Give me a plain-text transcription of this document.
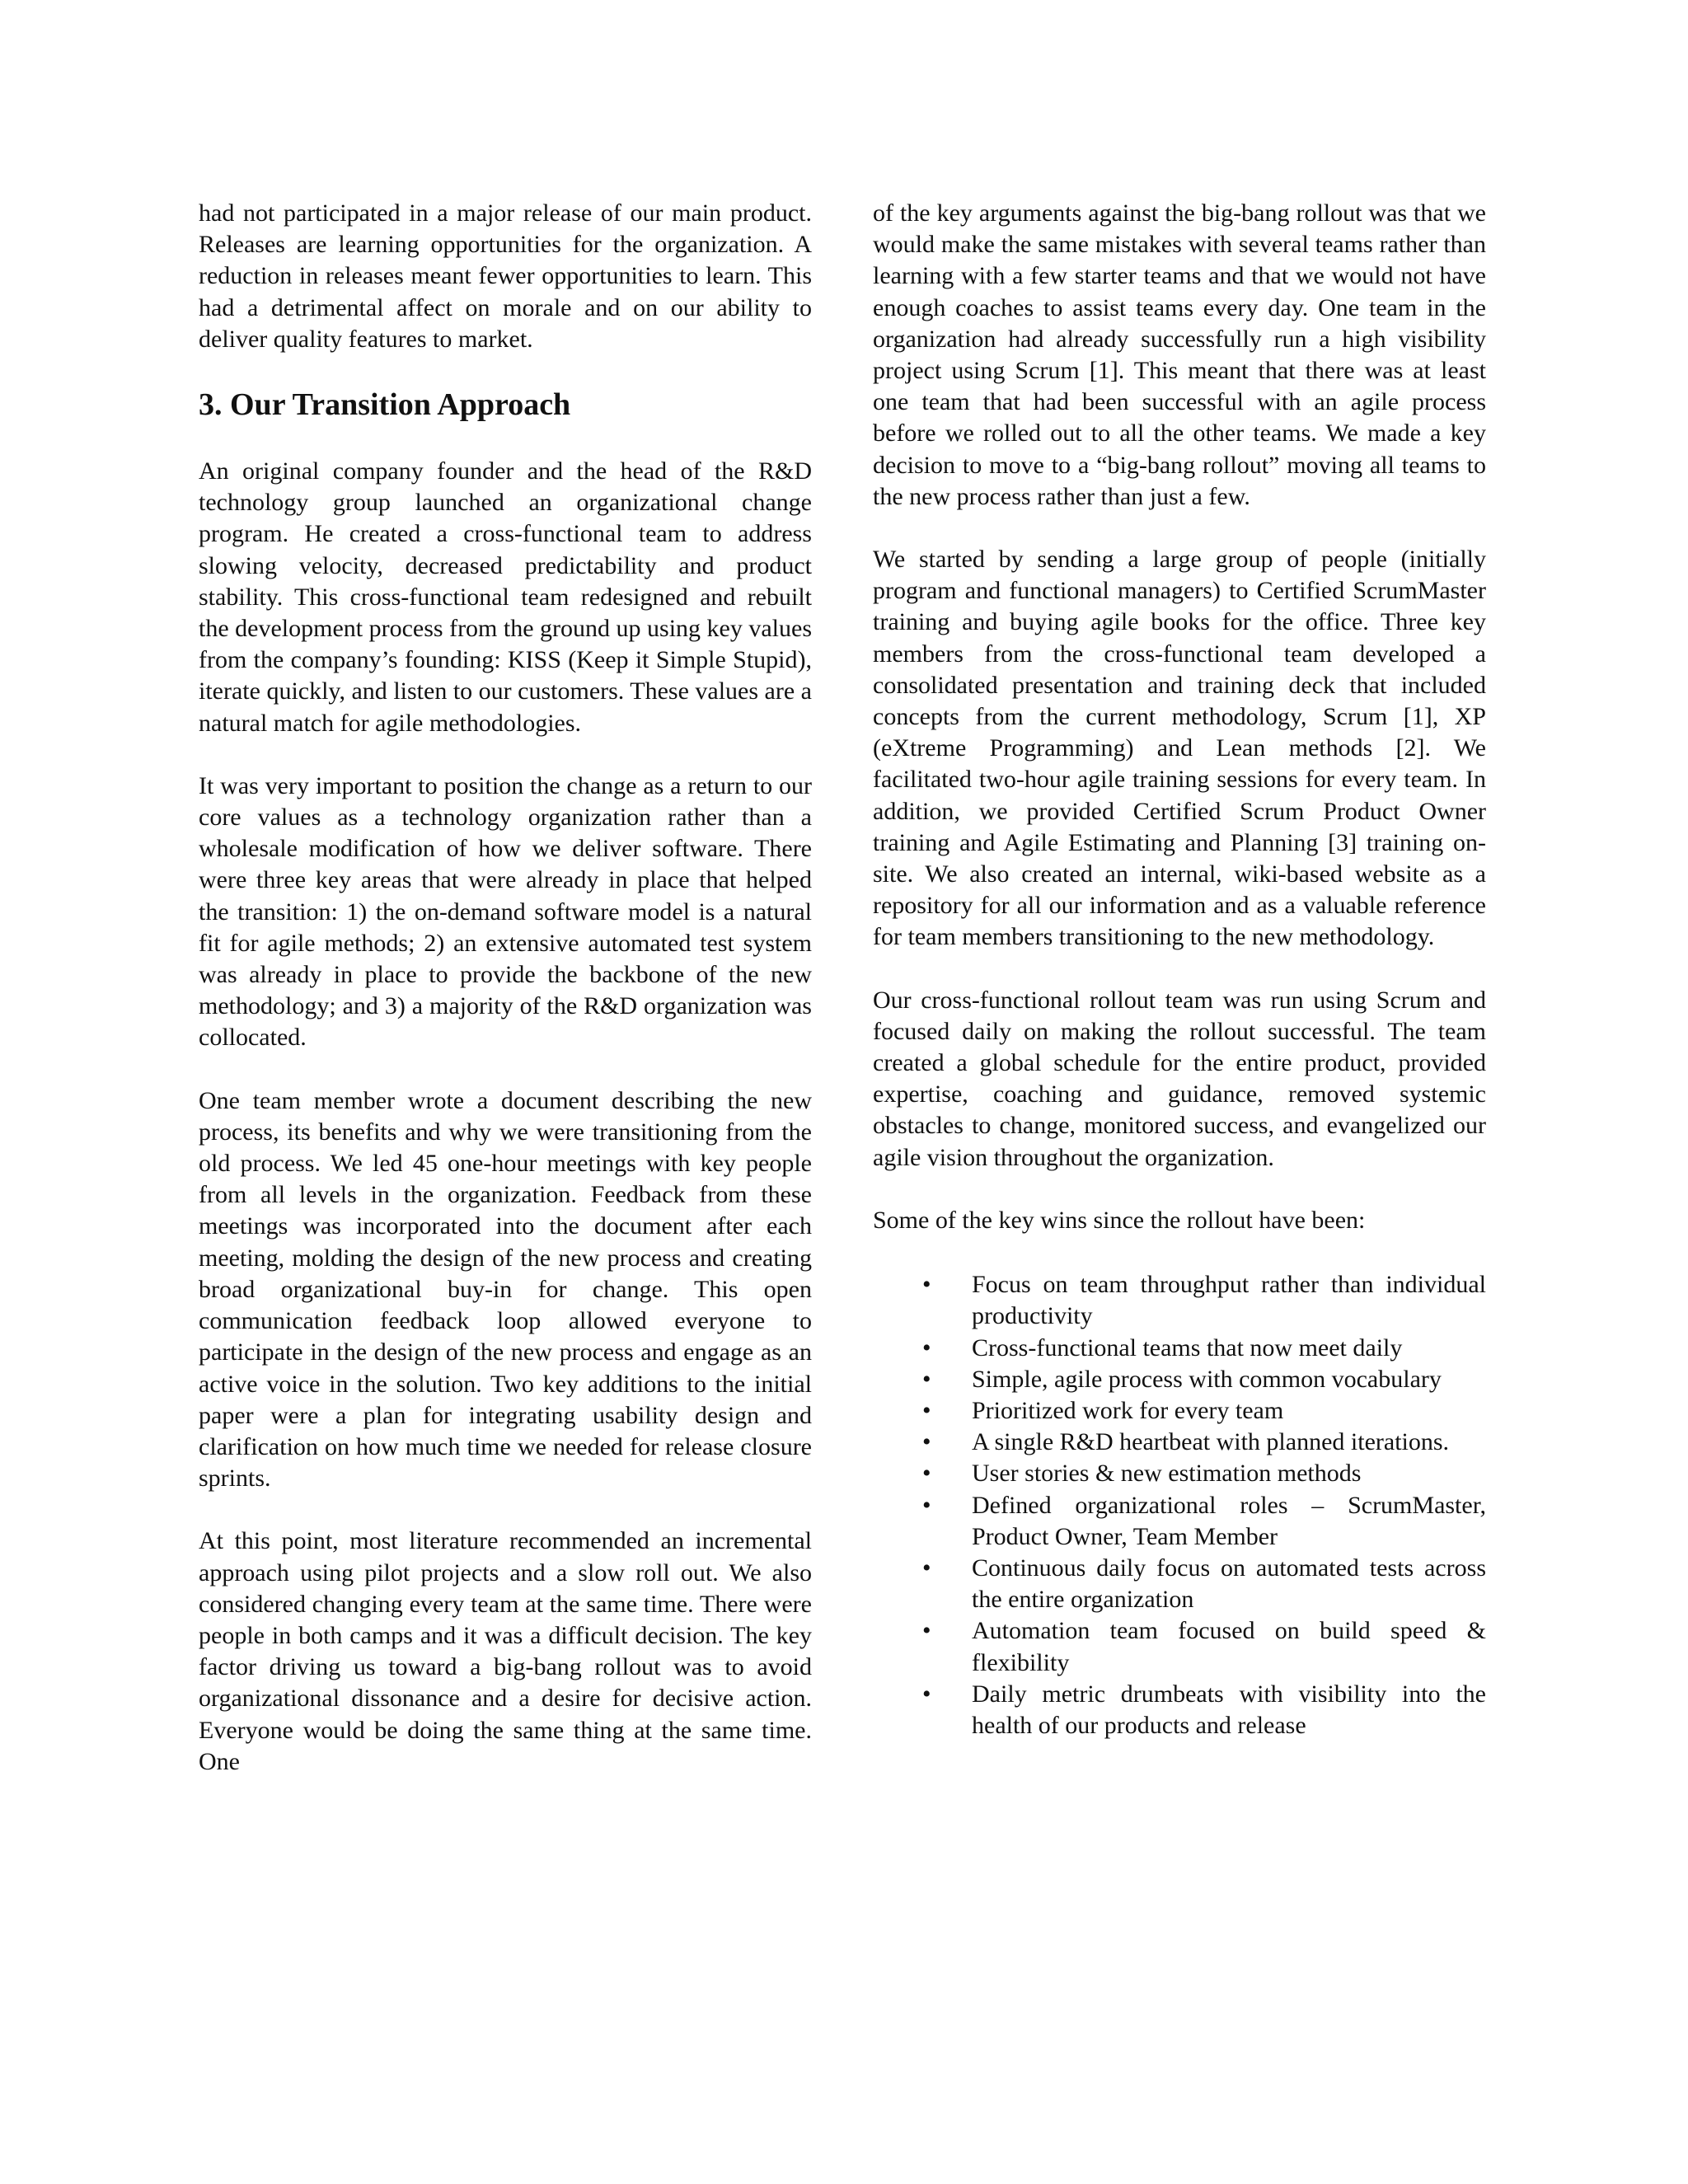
had not participated in a major release of our main product. Releases are learning opportunities for the organization. A reduction in releases meant fewer opportunities to learn. This had a detrimental affect on morale and on our ability to deliver quality features to market.

3. Our Transition Approach

An original company founder and the head of the R&D technology group launched an organizational change program. He created a cross-functional team to address slowing velocity, decreased predictability and product stability. This cross-functional team redesigned and rebuilt the development process from the ground up using key values from the company’s founding: KISS (Keep it Simple Stupid), iterate quickly, and listen to our customers. These values are a natural match for agile methodologies.

It was very important to position the change as a return to our core values as a technology organization rather than a wholesale modification of how we deliver software. There were three key areas that were already in place that helped the transition: 1) the on-demand software model is a natural fit for agile methods; 2) an extensive automated test system was already in place to provide the backbone of the new methodology; and 3) a majority of the R&D organization was collocated.

One team member wrote a document describing the new process, its benefits and why we were transitioning from the old process. We led 45 one-hour meetings with key people from all levels in the organization. Feedback from these meetings was incorporated into the document after each meeting, molding the design of the new process and creating broad organizational buy-in for change. This open communication feedback loop allowed everyone to participate in the design of the new process and engage as an active voice in the solution. Two key additions to the initial paper were a plan for integrating usability design and clarification on how much time we needed for release closure sprints.

At this point, most literature recommended an incremental approach using pilot projects and a slow roll out. We also considered changing every team at the same time. There were people in both camps and it was a difficult decision. The key factor driving us toward a big-bang rollout was to avoid organizational dissonance and a desire for decisive action. Everyone would be doing the same thing at the same time. One

of the key arguments against the big-bang rollout was that we would make the same mistakes with several teams rather than learning with a few starter teams and that we would not have enough coaches to assist teams every day. One team in the organization had already successfully run a high visibility project using Scrum [1]. This meant that there was at least one team that had been successful with an agile process before we rolled out to all the other teams. We made a key decision to move to a “big-bang rollout” moving all teams to the new process rather than just a few.

We started by sending a large group of people (initially program and functional managers) to Certified ScrumMaster training and buying agile books for the office. Three key members from the cross-functional team developed a consolidated presentation and training deck that included concepts from the current methodology, Scrum [1], XP (eXtreme Programming) and Lean methods [2]. We facilitated two-hour agile training sessions for every team. In addition, we provided Certified Scrum Product Owner training and Agile Estimating and Planning [3] training on-site. We also created an internal, wiki-based website as a repository for all our information and as a valuable reference for team members transitioning to the new methodology.

Our cross-functional rollout team was run using Scrum and focused daily on making the rollout successful. The team created a global schedule for the entire product, provided expertise, coaching and guidance, removed systemic obstacles to change, monitored success, and evangelized our agile vision throughout the organization.

Some of the key wins since the rollout have been:

• Focus on team throughput rather than individual productivity
• Cross-functional teams that now meet daily
• Simple, agile process with common vocabulary
• Prioritized work for every team
• A single R&D heartbeat with planned iterations.
• User stories & new estimation methods
• Defined organizational roles – ScrumMaster, Product Owner, Team Member
• Continuous daily focus on automated tests across the entire organization
• Automation team focused on build speed & flexibility
• Daily metric drumbeats with visibility into the health of our products and release
